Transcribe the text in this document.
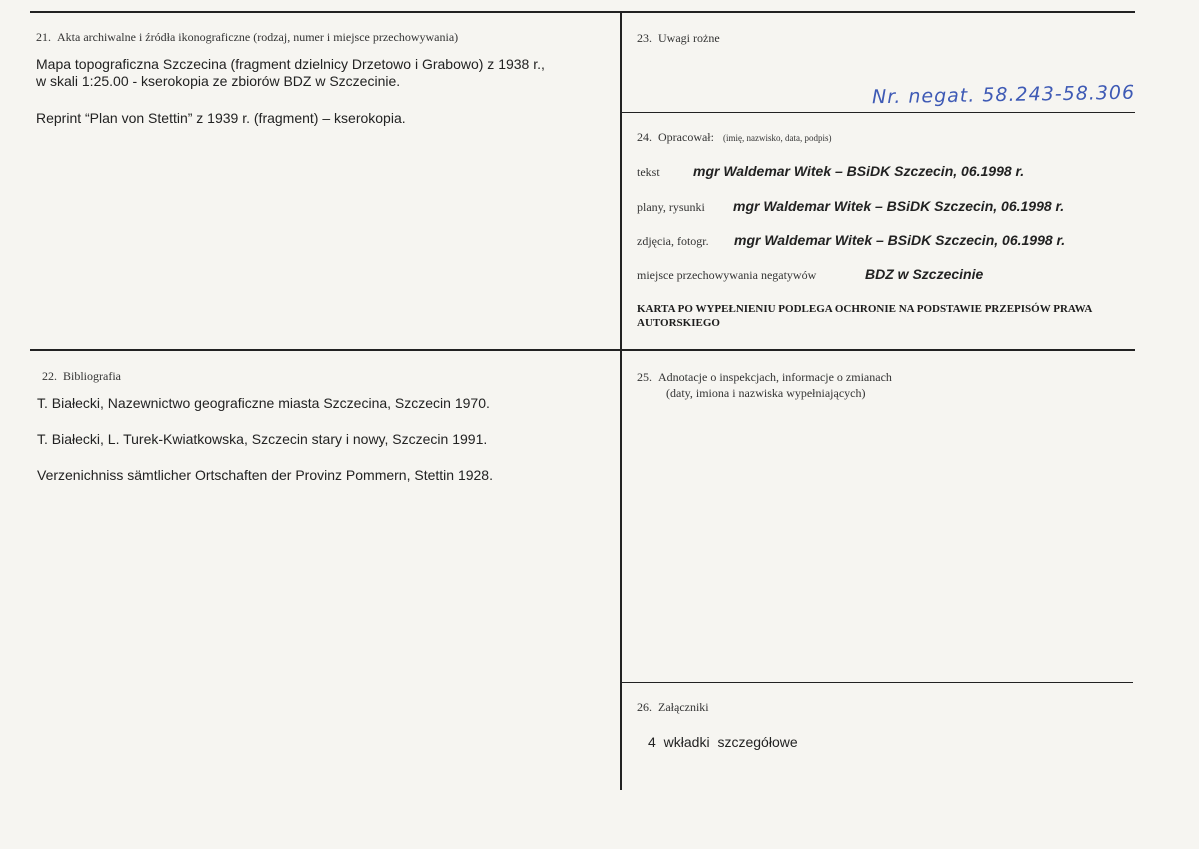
21. Akta archiwalne i źródła ikonograficzne (rodzaj, numer i miejsce przechowywania)
Mapa topograficzna Szczecina (fragment dzielnicy Drzetowo i Grabowo) z 1938 r.,
w skali 1:25.00 - kserokopia ze zbiorów BDZ w Szczecinie.
Reprint “Plan von Stettin” z 1939 r. (fragment) – kserokopia.
22. Bibliografia
T. Białecki, Nazewnictwo geograficzne miasta Szczecina, Szczecin 1970.
T. Białecki, L. Turek-Kwiatkowska, Szczecin stary i nowy, Szczecin 1991.
Verzenichniss sämtlicher Ortschaften der Provinz Pommern, Stettin 1928.
23. Uwagi rożne
Nr. negat. 58.243-58.306
24. Opracował: (imię, nazwisko, data, podpis)
tekst mgr Waldemar Witek – BSiDK Szczecin, 06.1998 r.
plany, rysunki mgr Waldemar Witek – BSiDK Szczecin, 06.1998 r.
zdjęcia, fotogr. mgr Waldemar Witek – BSiDK Szczecin, 06.1998 r.
miejsce przechowywania negatywów	BDZ w Szczecinie
KARTA PO WYPEŁNIENIU PODLEGA OCHRONIE NA PODSTAWIE PRZEPISÓW PRAWA AUTORSKIEGO
25. Adnotacje o inspekcjach, informacje o zmianach
(daty, imiona i nazwiska wypełniających)
26. Załączniki
4 wkładki szczegółowe
